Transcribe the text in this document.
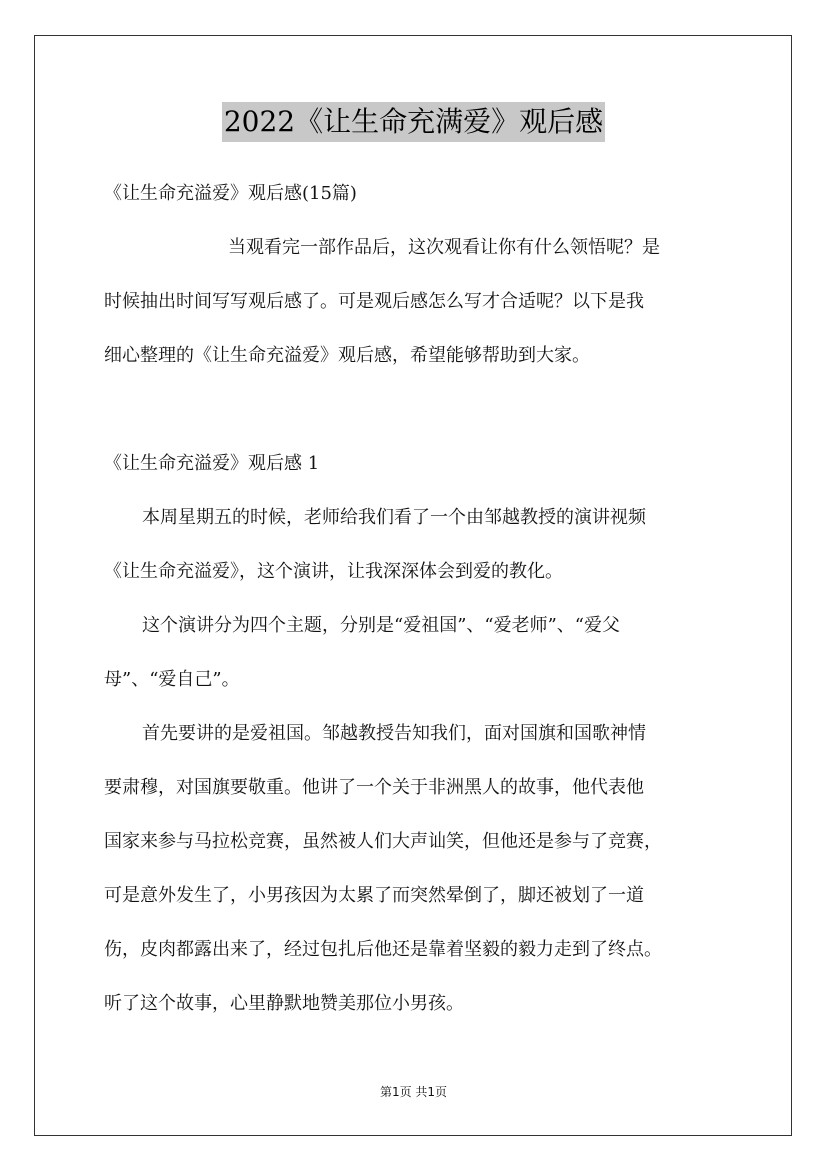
2022《让生命充满爱》观后感
《让生命充溢爱》观后感(15篇)
当观看完一部作品后，这次观看让你有什么领悟呢？是
时候抽出时间写写观后感了。可是观后感怎么写才合适呢？以下是我
细心整理的《让生命充溢爱》观后感，希望能够帮助到大家。
《让生命充溢爱》观后感 1
本周星期五的时候，老师给我们看了一个由邹越教授的演讲视频
《让生命充溢爱》，这个演讲，让我深深体会到爱的教化。
这个演讲分为四个主题，分别是“爱祖国”、“爱老师”、“爱父
母”、“爱自己”。
首先要讲的是爱祖国。邹越教授告知我们，面对国旗和国歌神情
要肃穆，对国旗要敬重。他讲了一个关于非洲黑人的故事，他代表他
国家来参与马拉松竞赛，虽然被人们大声讪笑，但他还是参与了竞赛，
可是意外发生了，小男孩因为太累了而突然晕倒了，脚还被划了一道
伤，皮肉都露出来了，经过包扎后他还是靠着坚毅的毅力走到了终点。
听了这个故事，心里静默地赞美那位小男孩。
第1页 共1页
